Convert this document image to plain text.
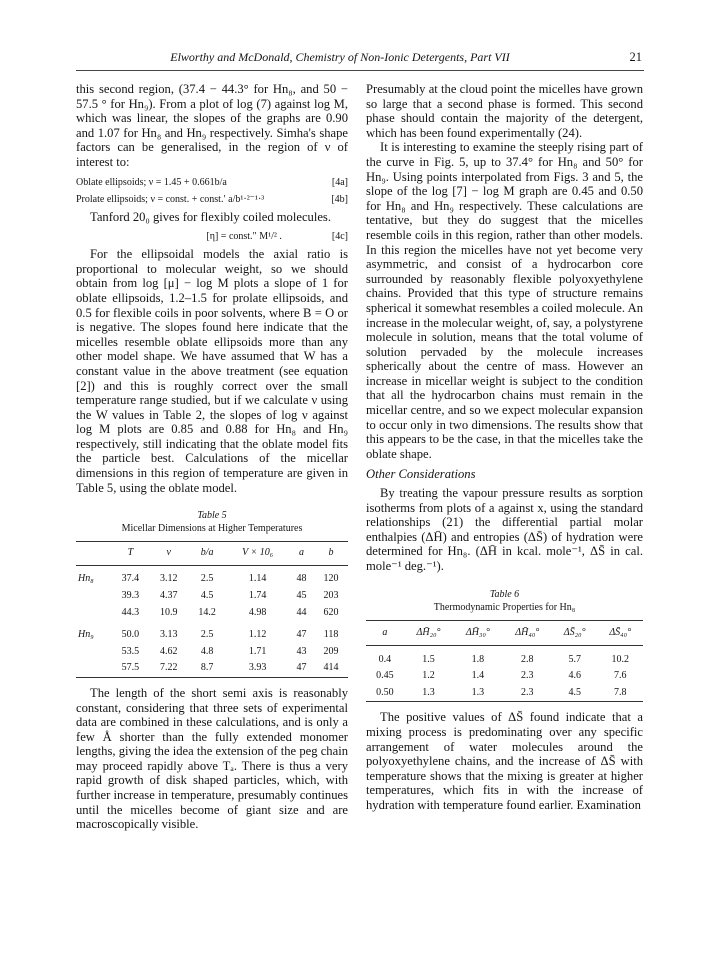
Elworthy and McDonald, Chemistry of Non-Ionic Detergents, Part VII	21

this second region, (37.4 − 44.3° for Hn₈, and 50 − 57.5 ° for Hn₉). From a plot of log (7) against log M, which was linear, the slopes of the graphs are 0.90 and 1.07 for Hn₈ and Hn₉ respectively. Simha's shape factors can be generalised, in the region of ν of interest to:

Oblate ellipsoids; ν = 1.45 + 0.661b/a	[4a]
Prolate ellipsoids; ν = const. + const.′ a/b¹·²⁻¹·³	[4b]

Tanford 20₀ gives for flexibly coiled molecules.

[η] = const.″ M¹/² .	[4c]

For the ellipsoidal models the axial ratio is proportional to molecular weight, so we should obtain from log [μ] − log M plots a slope of 1 for oblate ellipsoids, 1.2–1.5 for prolate ellipsoids, and 0.5 for flexible coils in poor solvents, where B = O or is negative. The slopes found here indicate that the micelles resemble oblate ellipsoids more than any other model shape. We have assumed that W has a constant value in the above treatment (see equation [2]) and this is roughly correct over the small temperature range studied, but if we calculate ν using the W values in Table 2, the slopes of log ν against log M plots are 0.85 and 0.88 for Hn₈ and Hn₉ respectively, still indicating that the oblate model fits the particle best. Calculations of the micellar dimensions in this region of temperature are given in Table 5, using the oblate model.

Table 5
Micellar Dimensions at Higher Temperatures
	T	ν	b/a	V × 10₆	a	b

Hn₈	37.4	3.12	2.5	1.14	48	120
	39.3	4.37	4.5	1.74	45	203
	44.3	10.9	14.2	4.98	44	620

Hn₉	50.0	3.13	2.5	1.12	47	118
	53.5	4.62	4.8	1.71	43	209
	57.5	7.22	8.7	3.93	47	414

The length of the short semi axis is reasonably constant, considering that three sets of experimental data are combined in these calculations, and is only a few Å shorter than the fully extended monomer lengths, giving the idea the extension of the peg chain may proceed rapidly above Tₐ. There is thus a very rapid growth of disk shaped particles, which, with further increase in temperature, presumably continues until the micelles become of giant size and are macroscopically visible.

Presumably at the cloud point the micelles have grown so large that a second phase is formed. This second phase should contain the majority of the detergent, which has been found experimentally (24).

It is interesting to examine the steeply rising part of the curve in Fig. 5, up to 37.4° for Hn₈ and 50° for Hn₉. Using points interpolated from Figs. 3 and 5, the slope of the log [7] − log M graph are 0.45 and 0.50 for Hn₈ and Hn₉ respectively. These calculations are tentative, but they do suggest that the micelles resemble coils in this region, rather than other models. In this region the micelles have not yet become very asymmetric, and consist of a hydrocarbon core surrounded by reasonably flexible polyoxyethylene chains. Provided that this type of structure remains spherical it somewhat resembles a coiled molecule. An increase in the molecular weight, of, say, a polystyrene molecule in solution, means that the total volume of solution pervaded by the molecule increases spherically about the centre of mass. However an increase in micellar weight is subject to the condition that all the hydrocarbon chains must remain in the micellar centre, and so we expect molecular expansion to occur only in two dimensions. The results show that this appears to be the case, in that the micelles take the oblate shape.

Other Considerations

By treating the vapour pressure results as sorption isotherms from plots of a against x, using the standard relationships (21) the differential partial molar enthalpies (ΔH̄) and entropies (ΔS̄) of hydration were determined for Hn₈. (ΔH̄ in kcal. mole⁻¹, ΔS̄ in cal. mole⁻¹ deg.⁻¹).

Table 6
Thermodynamic Properties for Hn₈
a	ΔH̄₂₀°	ΔH̄₃₀°	ΔH̄₄₀°	ΔS̄₂₀°	ΔS̄₄₀°

0.4	1.5	1.8	2.8	5.7	10.2
0.45	1.2	1.4	2.3	4.6	7.6
0.50	1.3	1.3	2.3	4.5	7.8

The positive values of ΔS̄ found indicate that a mixing process is predominating over any specific arrangement of water molecules around the polyoxyethylene chains, and the increase of ΔS̄ with temperature shows that the mixing is greater at higher temperatures, which fits in with the increase of hydration with temperature found earlier. Examination
